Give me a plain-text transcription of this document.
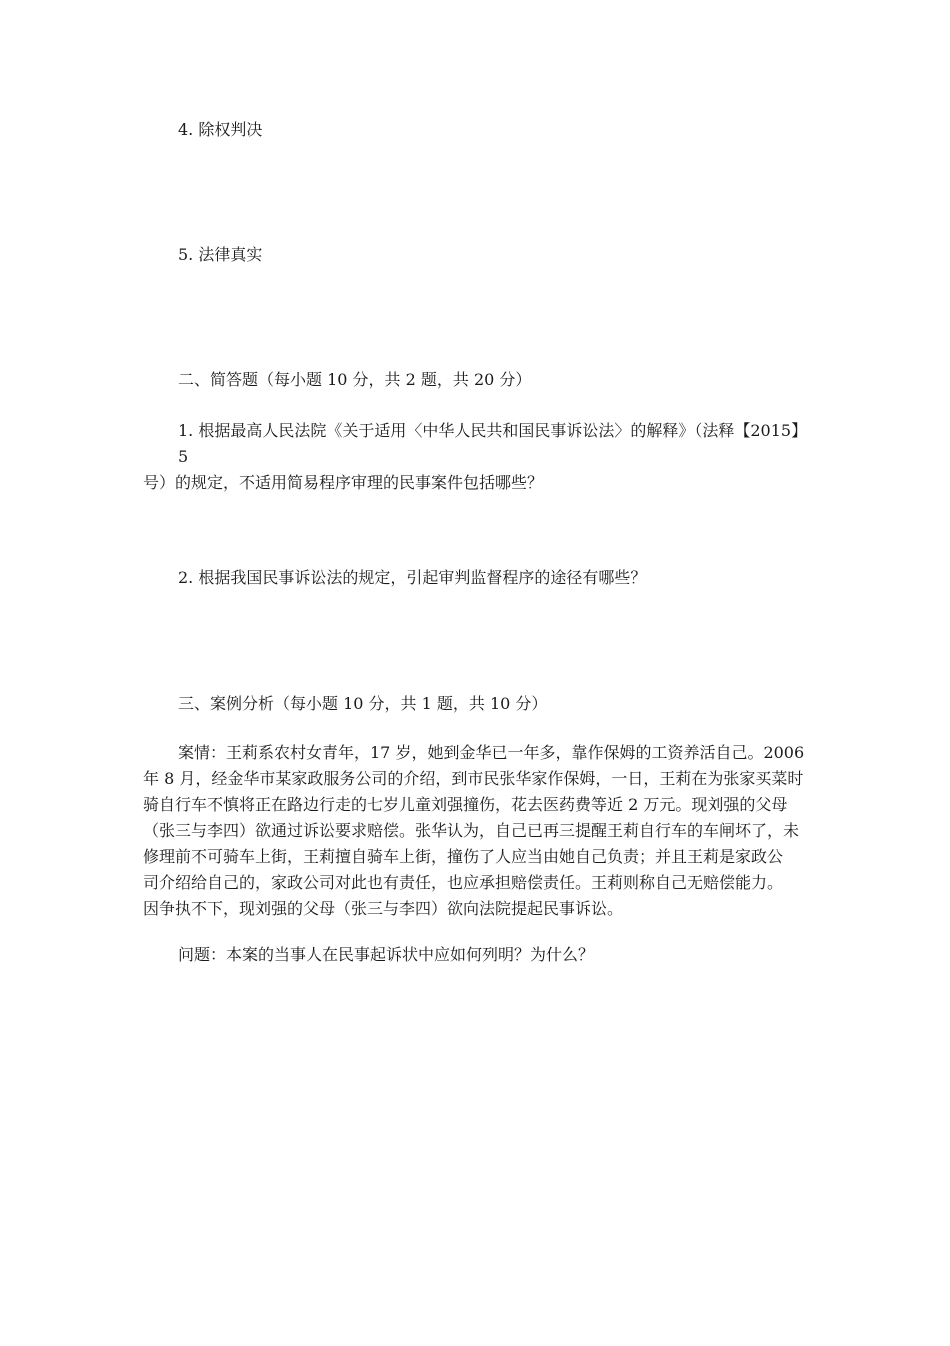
4. 除权判决
5. 法律真实
二、简答题（每小题 10 分，共 2 题，共 20 分）
1. 根据最高人民法院《关于适用〈中华人民共和国民事诉讼法〉的解释》（法释【2015】5
号）的规定，不适用简易程序审理的民事案件包括哪些？
2. 根据我国民事诉讼法的规定，引起审判监督程序的途径有哪些？
三、案例分析（每小题 10 分，共 1 题，共 10 分）
案情：王莉系农村女青年，17 岁，她到金华已一年多，靠作保姆的工资养活自己。2006
年 8 月，经金华市某家政服务公司的介绍，到市民张华家作保姆，一日，王莉在为张家买菜时
骑自行车不慎将正在路边行走的七岁儿童刘强撞伤，花去医药费等近 2 万元。现刘强的父母
（张三与李四）欲通过诉讼要求赔偿。张华认为，自己已再三提醒王莉自行车的车闸坏了，未
修理前不可骑车上街，王莉擅自骑车上街，撞伤了人应当由她自己负责；并且王莉是家政公
司介绍给自己的，家政公司对此也有责任，也应承担赔偿责任。王莉则称自己无赔偿能力。
因争执不下，现刘强的父母（张三与李四）欲向法院提起民事诉讼。
问题：本案的当事人在民事起诉状中应如何列明？为什么？
